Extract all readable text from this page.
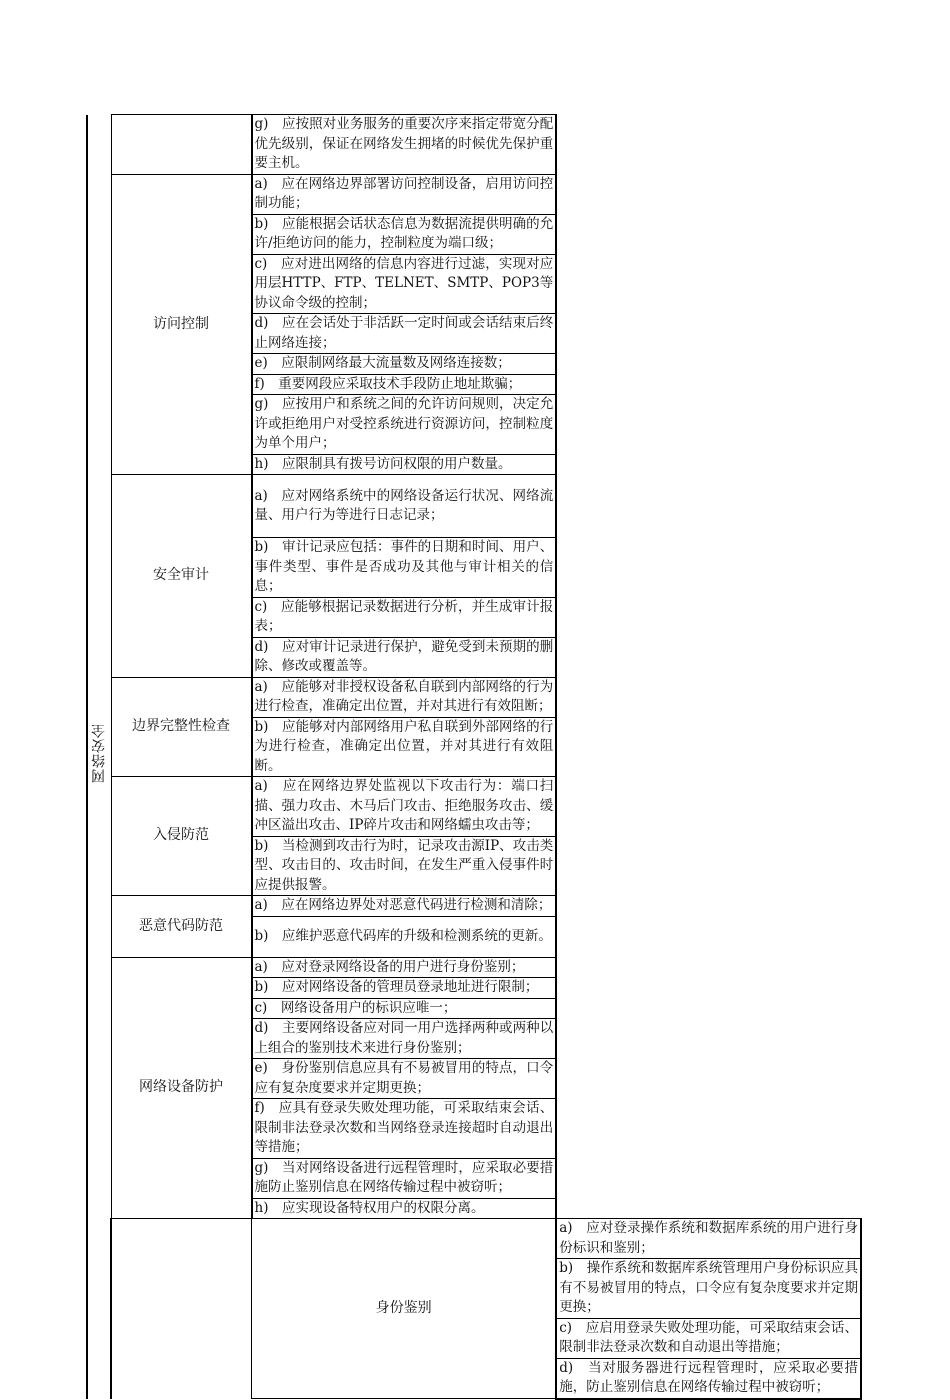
网络安全		g)　应按照对业务服务的重要次序来指定带宽分配优先级别，保证在网络发生拥堵的时候优先保护重要主机。	
	访问控制	a)　应在网络边界部署访问控制设备，启用访问控制功能；	
		b)　应能根据会话状态信息为数据流提供明确的允许/拒绝访问的能力，控制粒度为端口级；	
		c)　应对进出网络的信息内容进行过滤，实现对应用层HTTP、FTP、TELNET、SMTP、POP3等协议命令级的控制；	
		d)　应在会话处于非活跃一定时间或会话结束后终止网络连接；	
		e)　应限制网络最大流量数及网络连接数；	
		f)　重要网段应采取技术手段防止地址欺骗；	
		g)　应按用户和系统之间的允许访问规则，决定允许或拒绝用户对受控系统进行资源访问，控制粒度为单个用户；	
		h)　应限制具有拨号访问权限的用户数量。	
	安全审计	a)　应对网络系统中的网络设备运行状况、网络流量、用户行为等进行日志记录；	
		b)　审计记录应包括：事件的日期和时间、用户、事件类型、事件是否成功及其他与审计相关的信息；	
		c)　应能够根据记录数据进行分析，并生成审计报表；	
		d)　应对审计记录进行保护，避免受到未预期的删除、修改或覆盖等。	
	边界完整性检查	a)　应能够对非授权设备私自联到内部网络的行为进行检查，准确定出位置，并对其进行有效阻断；	
		b)　应能够对内部网络用户私自联到外部网络的行为进行检查，准确定出位置，并对其进行有效阻断。	
	入侵防范	a)　应在网络边界处监视以下攻击行为：端口扫描、强力攻击、木马后门攻击、拒绝服务攻击、缓冲区溢出攻击、IP碎片攻击和网络蠕虫攻击等；	
		b)　当检测到攻击行为时，记录攻击源IP、攻击类型、攻击目的、攻击时间，在发生严重入侵事件时应提供报警。	
	恶意代码防范	a)　应在网络边界处对恶意代码进行检测和清除；	
		b)　应维护恶意代码库的升级和检测系统的更新。	
	网络设备防护	a)　应对登录网络设备的用户进行身份鉴别；	
		b)　应对网络设备的管理员登录地址进行限制；	
		c)　网络设备用户的标识应唯一；	
		d)　主要网络设备应对同一用户选择两种或两种以上组合的鉴别技术来进行身份鉴别；	
		e)　身份鉴别信息应具有不易被冒用的特点，口令应有复杂度要求并定期更换；	
		f)　应具有登录失败处理功能，可采取结束会话、限制非法登录次数和当网络登录连接超时自动退出等措施；	
		g)　当对网络设备进行远程管理时，应采取必要措施防止鉴别信息在网络传输过程中被窃听；	
		h)　应实现设备特权用户的权限分离。	
		身份鉴别	a)　应对登录操作系统和数据库系统的用户进行身份标识和鉴别；
			b)　操作系统和数据库系统管理用户身份标识应具有不易被冒用的特点，口令应有复杂度要求并定期更换；
			c)　应启用登录失败处理功能，可采取结束会话、限制非法登录次数和自动退出等措施；
			d)　当对服务器进行远程管理时，应采取必要措施，防止鉴别信息在网络传输过程中被窃听；
